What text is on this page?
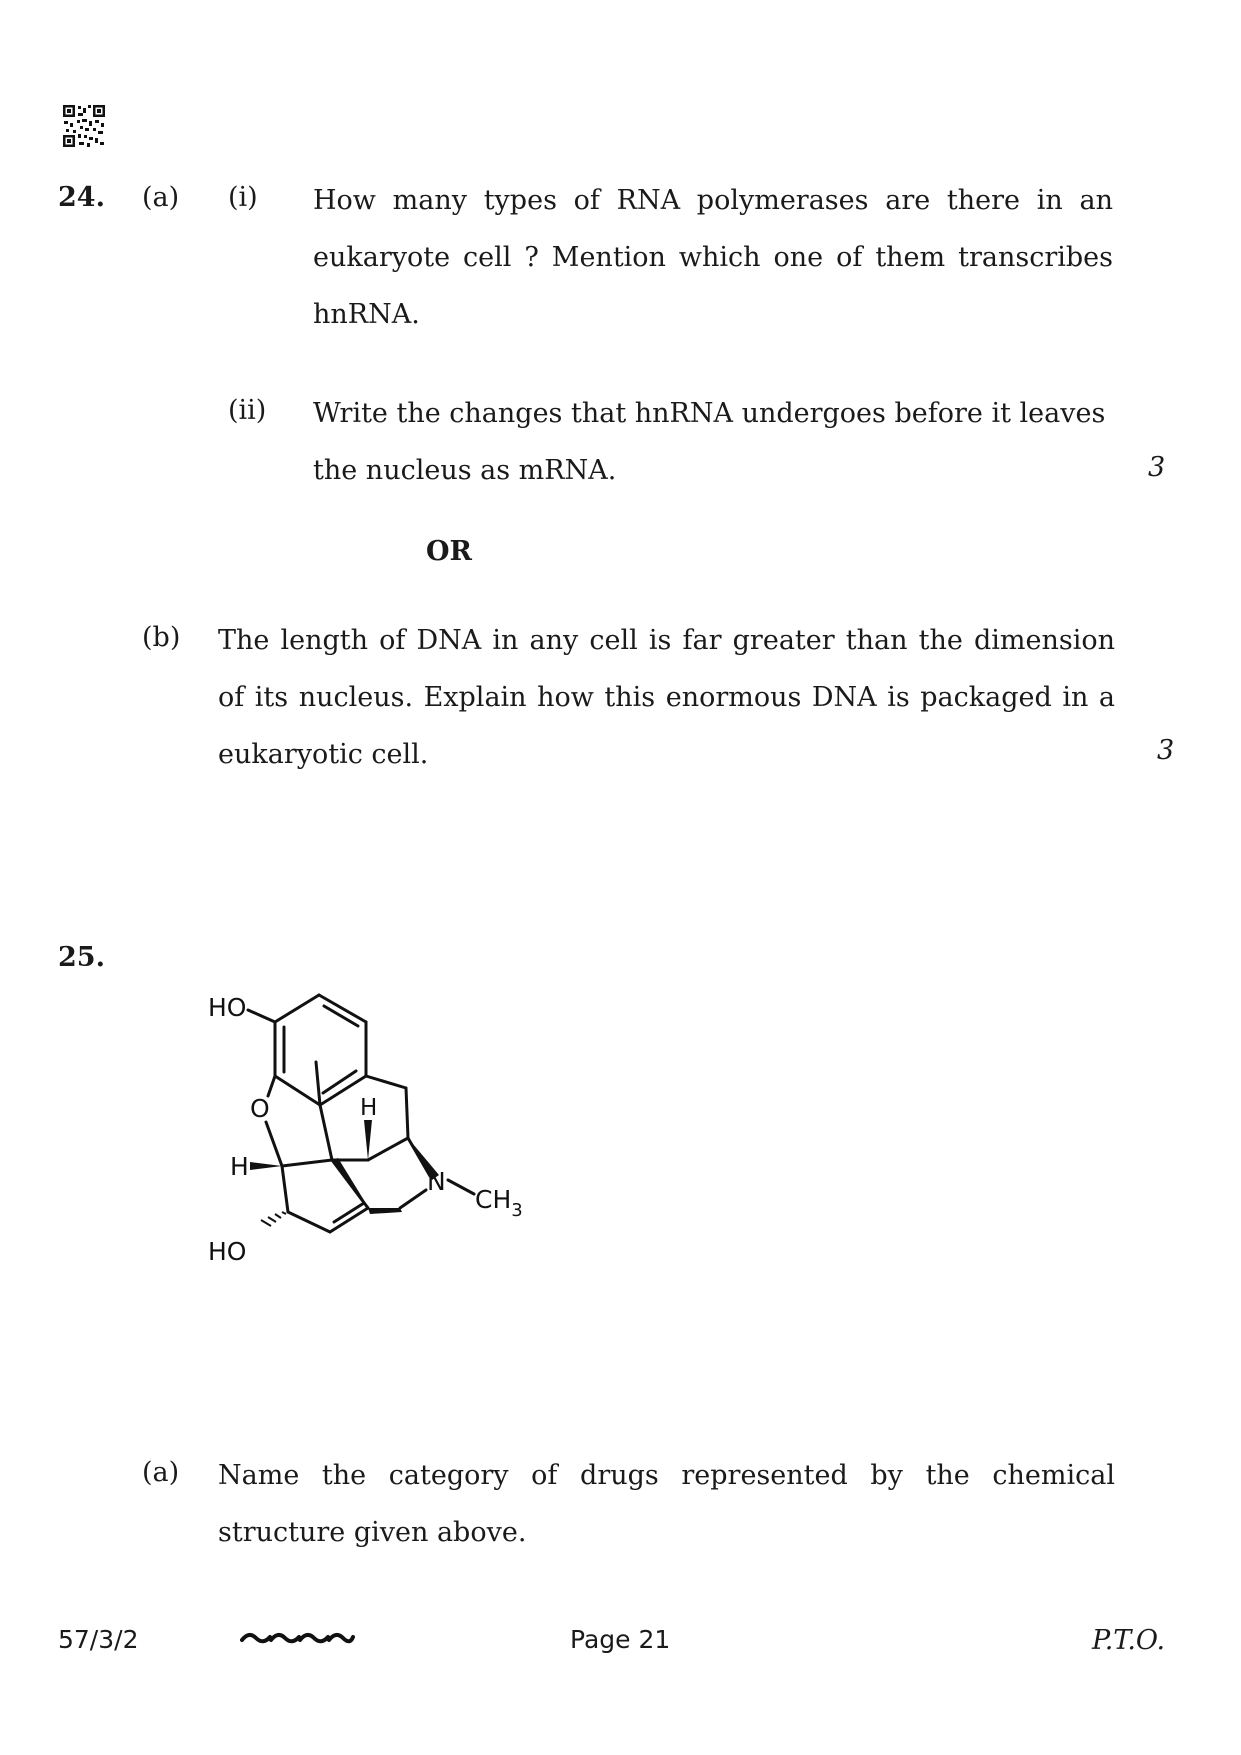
24. (a) (i) How many types of RNA polymerases are there in an eukaryote cell ? Mention which one of them transcribes hnRNA.
(ii) Write the changes that hnRNA undergoes before it leaves the nucleus as mRNA.	3
OR
(b) The length of DNA in any cell is far greater than the dimension of its nucleus. Explain how this enormous DNA is packaged in a eukaryotic cell.	3
25.
HO
O	H
H
N
$CH_3$
HO
(a) Name the category of drugs represented by the chemical structure given above.
57/3/2	Page 21	P.T.O.
